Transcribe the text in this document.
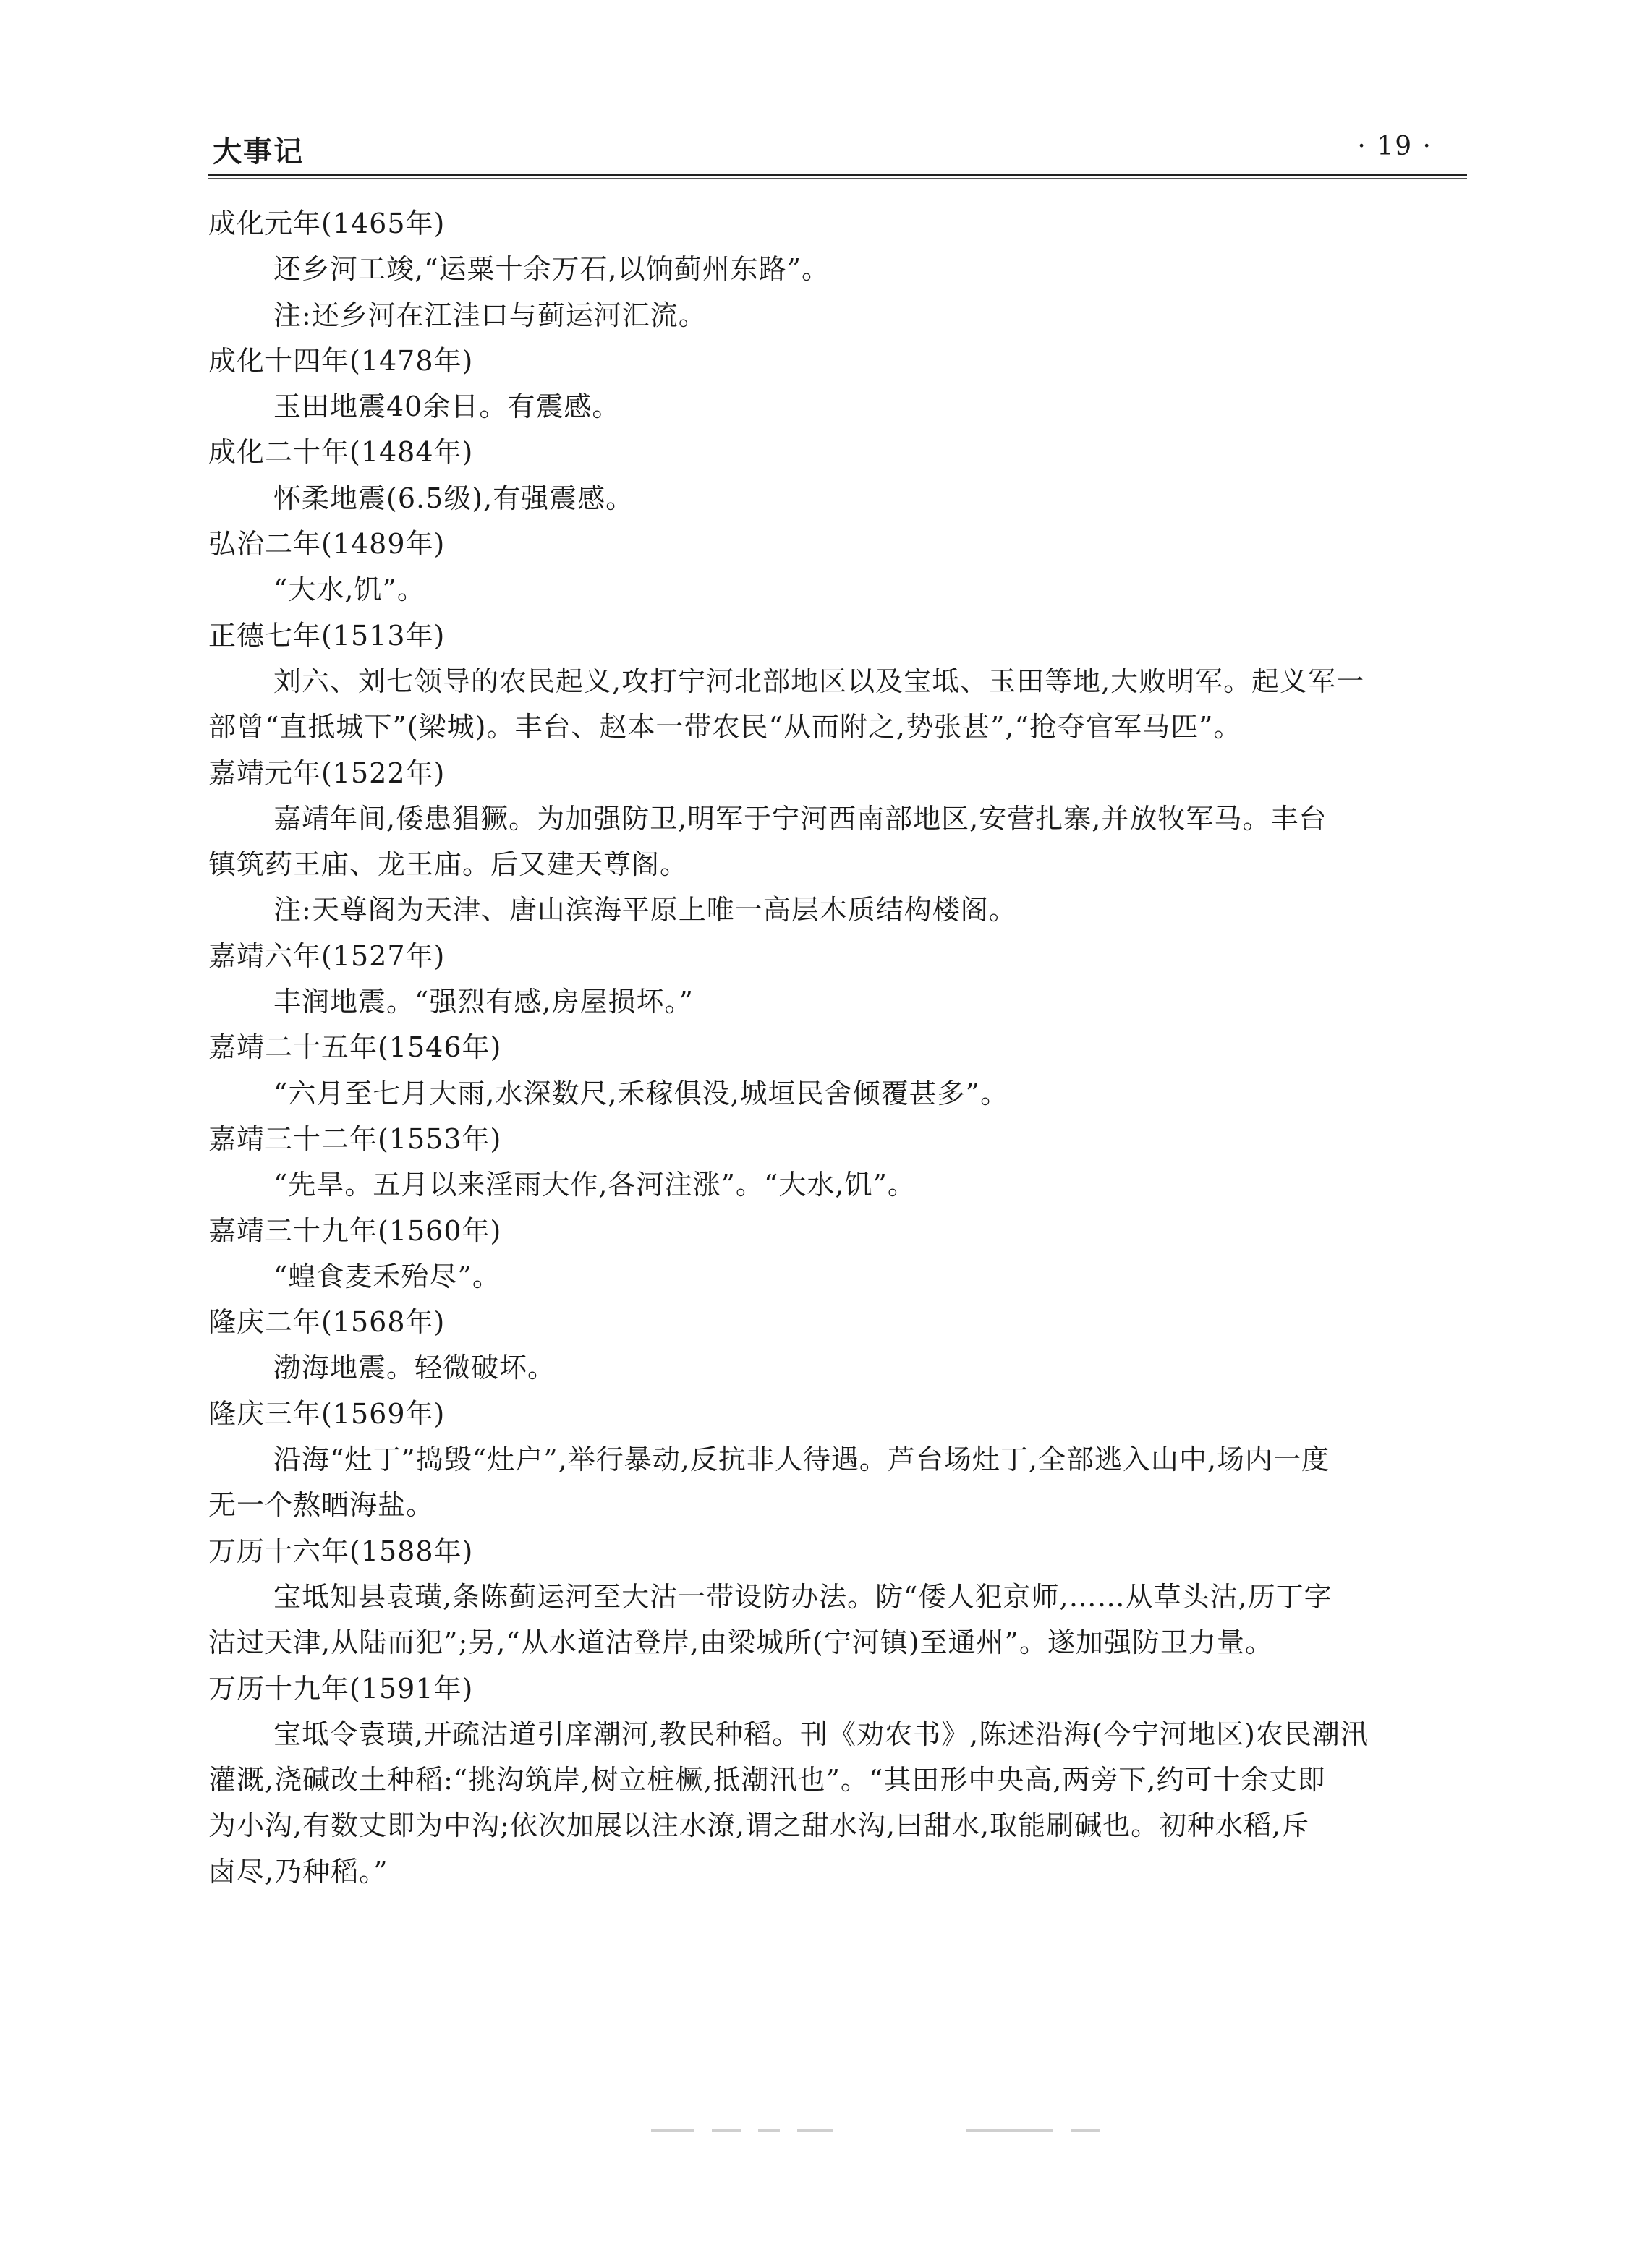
大事记	· 19 ·
成化元年(1465年)
还乡河工竣,“运粟十余万石,以饷蓟州东路”。
注:还乡河在江洼口与蓟运河汇流。
成化十四年(1478年)
玉田地震40余日。有震感。
成化二十年(1484年)
怀柔地震(6.5级),有强震感。
弘治二年(1489年)
“大水,饥”。
正德七年(1513年)
刘六、刘七领导的农民起义,攻打宁河北部地区以及宝坻、玉田等地,大败明军。起义军一
部曾“直抵城下”(梁城)。丰台、赵本一带农民“从而附之,势张甚”,“抢夺官军马匹”。
嘉靖元年(1522年)
嘉靖年间,倭患猖獗。为加强防卫,明军于宁河西南部地区,安营扎寨,并放牧军马。丰台
镇筑药王庙、龙王庙。后又建天尊阁。
注:天尊阁为天津、唐山滨海平原上唯一高层木质结构楼阁。
嘉靖六年(1527年)
丰润地震。“强烈有感,房屋损坏。”
嘉靖二十五年(1546年)
“六月至七月大雨,水深数尺,禾稼俱没,城垣民舍倾覆甚多”。
嘉靖三十二年(1553年)
“先旱。五月以来淫雨大作,各河注涨”。“大水,饥”。
嘉靖三十九年(1560年)
“蝗食麦禾殆尽”。
隆庆二年(1568年)
渤海地震。轻微破坏。
隆庆三年(1569年)
沿海“灶丁”捣毁“灶户”,举行暴动,反抗非人待遇。芦台场灶丁,全部逃入山中,场内一度
无一个熬晒海盐。
万历十六年(1588年)
宝坻知县袁璜,条陈蓟运河至大沽一带设防办法。防“倭人犯京师,……从草头沽,历丁字
沽过天津,从陆而犯”;另,“从水道沽登岸,由梁城所(宁河镇)至通州”。遂加强防卫力量。
万历十九年(1591年)
宝坻令袁璜,开疏沽道引庠潮河,教民种稻。刊《劝农书》,陈述沿海(今宁河地区)农民潮汛
灌溉,浇碱改土种稻:“挑沟筑岸,树立桩橛,抵潮汛也”。“其田形中央高,两旁下,约可十余丈即
为小沟,有数丈即为中沟;依次加展以注水潦,谓之甜水沟,曰甜水,取能刷碱也。初种水稻,斥
卤尽,乃种稻。”
